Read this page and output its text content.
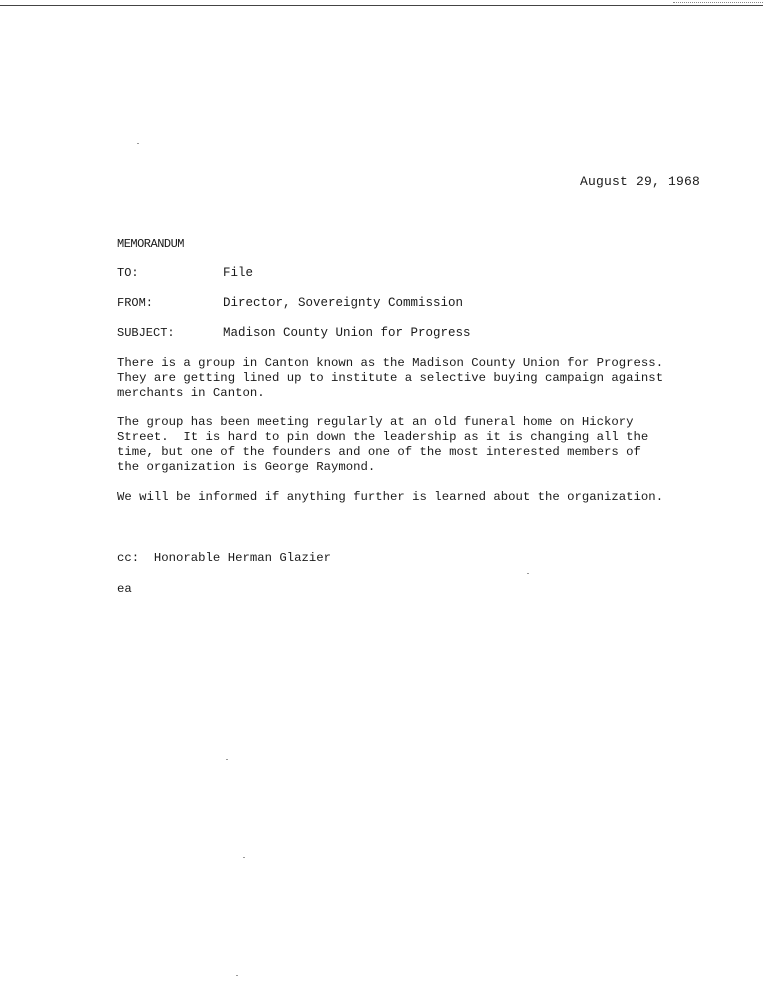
August 29, 1968
MEMORANDUM
TO:	File
FROM:	Director, Sovereignty Commission
SUBJECT:	Madison County Union for Progress
There is a group in Canton known as the Madison County Union for Progress.
They are getting lined up to institute a selective buying campaign against
merchants in Canton.
The group has been meeting regularly at an old funeral home on Hickory
Street.  It is hard to pin down the leadership as it is changing all the
time, but one of the founders and one of the most interested members of
the organization is George Raymond.
We will be informed if anything further is learned about the organization.
cc:  Honorable Herman Glazier
ea
